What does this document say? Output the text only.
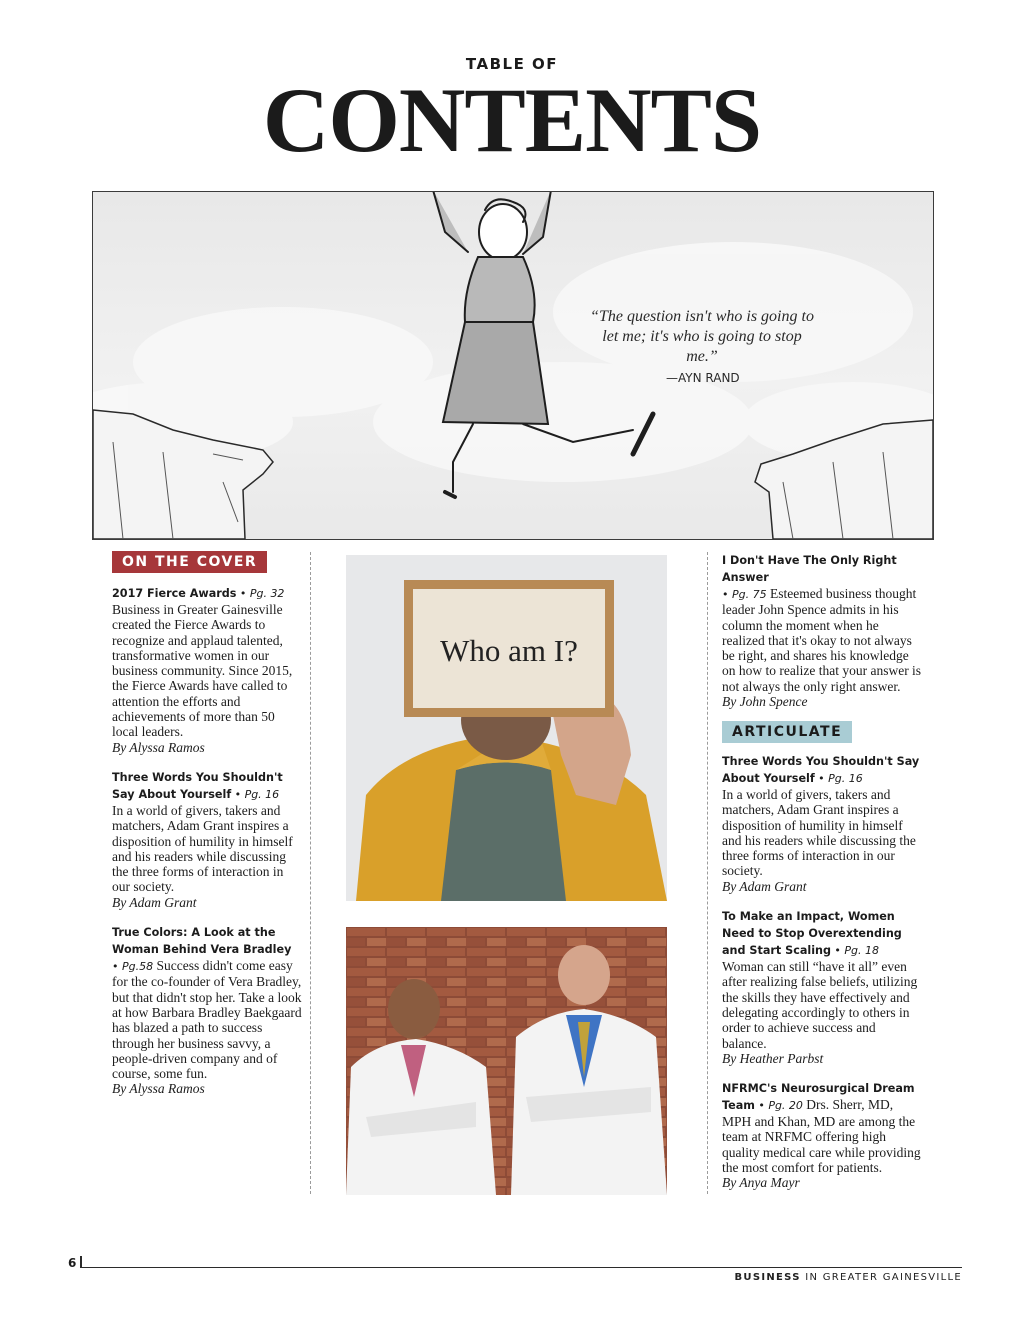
TABLE OF
CONTENTS
“The question isn't who is going to let me; it's who is going to stop me.”
—AYN RAND
ON THE COVER
ARTICULATE

2017 Fierce Awards • Pg. 32
Business in Greater Gainesville created the Fierce Awards to recognize and applaud talented, transformative women in our business community. Since 2015, the Fierce Awards have called to attention the efforts and achievements of more than 50 local leaders.
By Alyssa Ramos

Three Words You Shouldn't Say About Yourself • Pg. 16
In a world of givers, takers and matchers, Adam Grant inspires a disposition of humility in himself and his readers while discussing the three forms of interaction in our society.
By Adam Grant

True Colors: A Look at the Woman Behind Vera Bradley
• Pg.58 Success didn't come easy for the co-founder of Vera Bradley, but that didn't stop her. Take a look at how Barbara Bradley Baekgaard has blazed a path to success through her business savvy, a people-driven company and of course, some fun.
By Alyssa Ramos

Who am I?

I Don't Have The Only Right Answer
• Pg. 75 Esteemed business thought leader John Spence admits in his column the moment when he realized that it's okay to not always be right, and shares his knowledge on how to realize that your answer is not always the only right answer.
By John Spence

Three Words You Shouldn't Say About Yourself • Pg. 16
In a world of givers, takers and matchers, Adam Grant inspires a disposition of humility in himself and his readers while discussing the three forms of interaction in our society.
By Adam Grant

To Make an Impact, Women Need to Stop Overextending and Start Scaling • Pg. 18
Woman can still “have it all” even after realizing false beliefs, utilizing the skills they have effectively and delegating accordingly to others in order to achieve success and balance.
By Heather Parbst

NFRMC's Neurosurgical Dream Team • Pg. 20 Drs. Sherr, MD, MPH and Khan, MD are among the team at NRFMC offering high quality medical care while providing the most comfort for patients.
By Anya Mayr

6
BUSINESS IN GREATER GAINESVILLE
